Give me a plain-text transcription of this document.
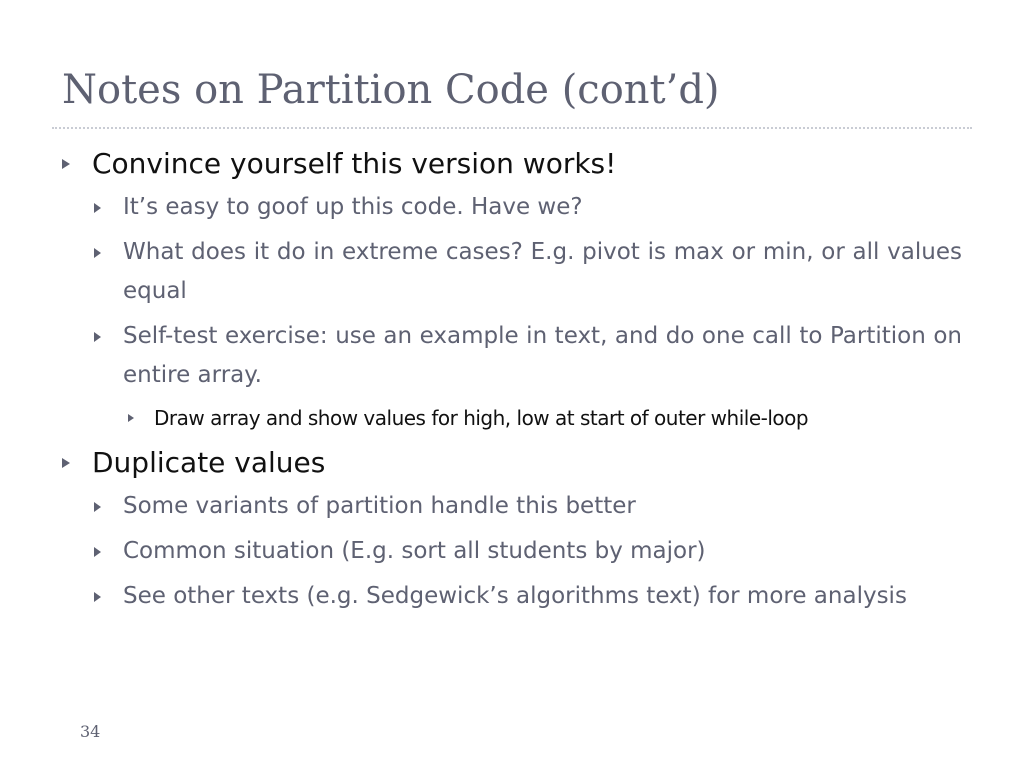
Notes on Partition Code (cont’d)
Convince yourself this version works!
It’s easy to goof up this code. Have we?
What does it do in extreme cases? E.g. pivot is max or min, or all values equal
Self-test exercise: use an example in text, and do one call to Partition on entire array.
Draw array and show values for high, low at start of outer while-loop
Duplicate values
Some variants of partition handle this better
Common situation (E.g. sort all students by major)
See other texts (e.g. Sedgewick’s algorithms text) for more analysis
34
